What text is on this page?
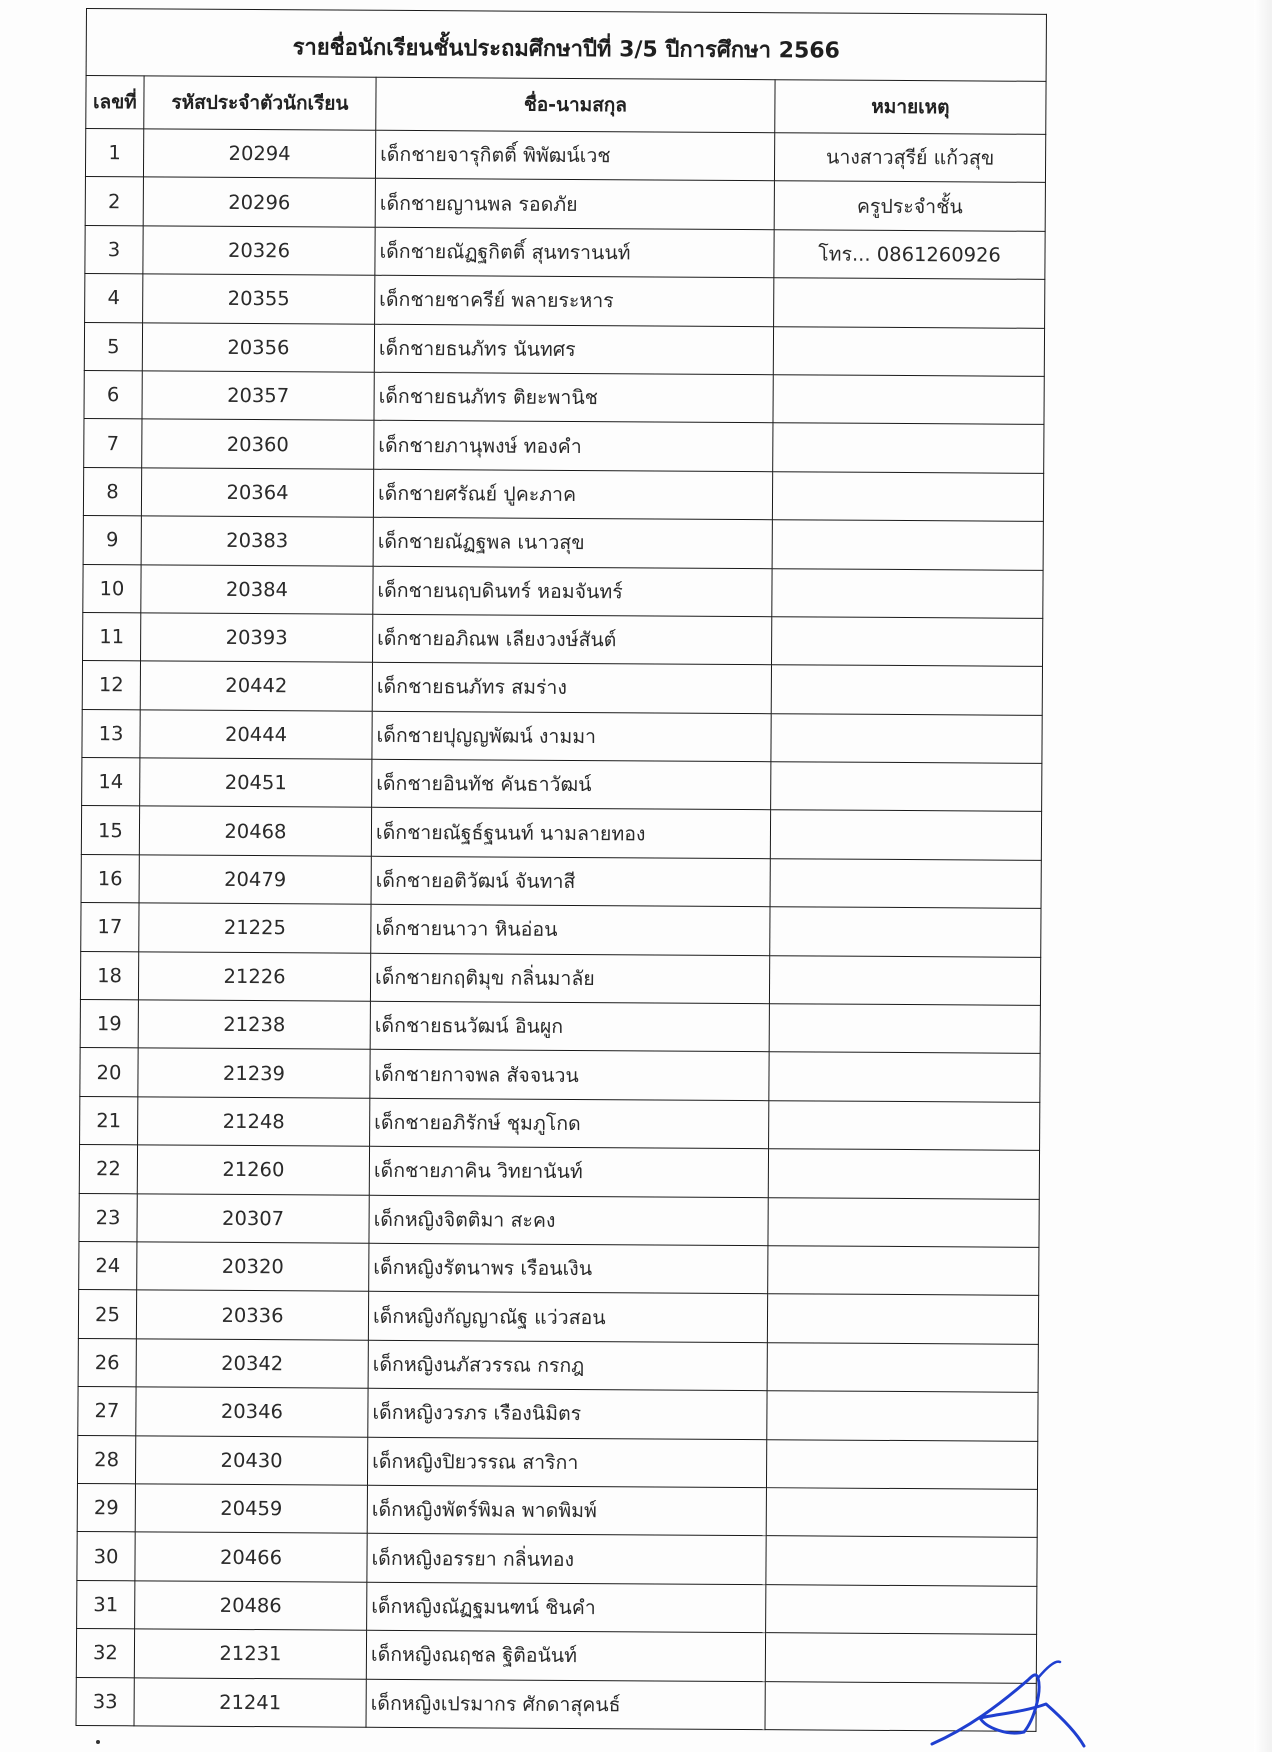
รายชื่อนักเรียนชั้นประถมศึกษาปีที่ 3/5 ปีการศึกษา 2566			
เลขที่	รหัสประจำตัวนักเรียน	ชื่อ-นามสกุล	หมายเหตุ
1	20294	เด็กชายจารุกิตติ์ พิพัฒน์เวช	นางสาวสุรีย์ แก้วสุข
2	20296	เด็กชายญานพล รอดภัย	ครูประจำชั้น
3	20326	เด็กชายณัฏฐกิตติ์ สุนทรานนท์	โทร... 0861260926
4	20355	เด็กชายชาครีย์ พลายระหาร	
5	20356	เด็กชายธนภัทร นันทศร	
6	20357	เด็กชายธนภัทร ติยะพานิช	
7	20360	เด็กชายภานุพงษ์ ทองคำ	
8	20364	เด็กชายศรัณย์ ปูคะภาค	
9	20383	เด็กชายณัฏฐพล เนาวสุข	
10	20384	เด็กชายนฤบดินทร์ หอมจันทร์	
11	20393	เด็กชายอภิณพ เลียงวงษ์สันต์	
12	20442	เด็กชายธนภัทร สมร่าง	
13	20444	เด็กชายปุญญพัฒน์ งามมา	
14	20451	เด็กชายอินทัช คันธาวัฒน์	
15	20468	เด็กชายณัฐธ์ฐนนท์ นามลายทอง	
16	20479	เด็กชายอติวัฒน์ จันทาสี	
17	21225	เด็กชายนาวา หินอ่อน	
18	21226	เด็กชายกฤติมุข กลิ่นมาลัย	
19	21238	เด็กชายธนวัฒน์ อินผูก	
20	21239	เด็กชายกาจพล สัจจนวน	
21	21248	เด็กชายอภิรักษ์ ชุมภูโกด	
22	21260	เด็กชายภาคิน วิทยานันท์	
23	20307	เด็กหญิงจิตติมา สะคง	
24	20320	เด็กหญิงรัตนาพร เรือนเงิน	
25	20336	เด็กหญิงกัญญาณัฐ แว่วสอน	
26	20342	เด็กหญิงนภัสวรรณ กรกฎ	
27	20346	เด็กหญิงวรภร เรืองนิมิตร	
28	20430	เด็กหญิงปิยวรรณ สาริกา	
29	20459	เด็กหญิงพัตร์พิมล พาดพิมพ์	
30	20466	เด็กหญิงอรรยา กลิ่นทอง	
31	20486	เด็กหญิงณัฏฐมนฑน์ ชินคำ	
32	21231	เด็กหญิงณฤชล ฐิติอนันท์	
33	21241	เด็กหญิงเปรมากร ศักดาสุคนธ์	
